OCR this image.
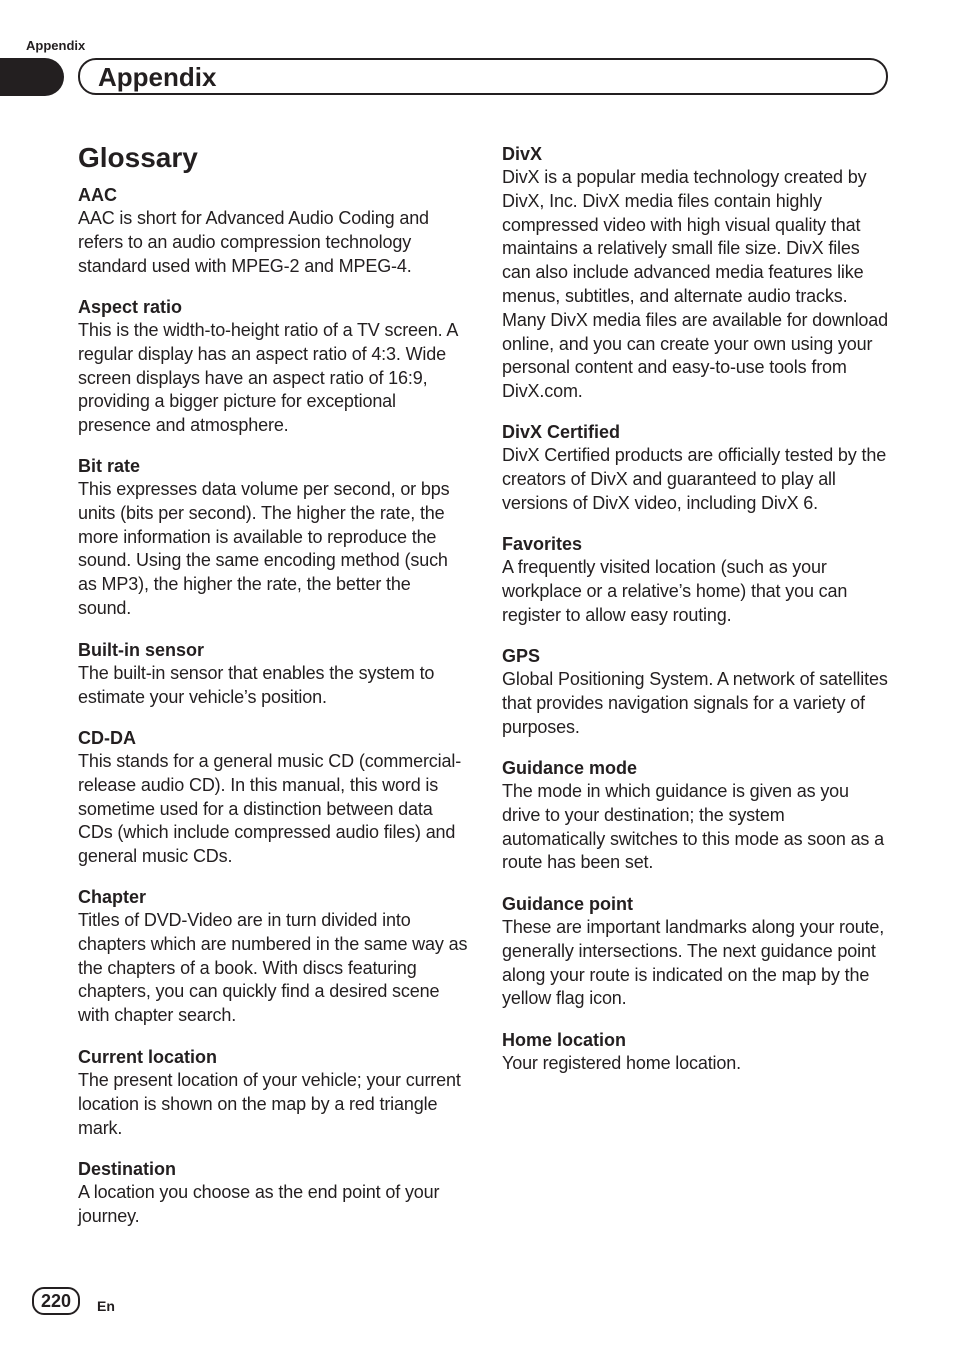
Appendix
Appendix
Glossary
AAC

AAC is short for Advanced Audio Coding and refers to an audio compression technology standard used with MPEG-2 and MPEG-4.

Aspect ratio

This is the width-to-height ratio of a TV screen. A regular display has an aspect ratio of 4:3. Wide screen displays have an aspect ratio of 16:9, providing a bigger picture for exceptional presence and atmosphere.

Bit rate

This expresses data volume per second, or bps units (bits per second). The higher the rate, the more information is available to reproduce the sound. Using the same encoding method (such as MP3), the higher the rate, the better the sound.

Built-in sensor

The built-in sensor that enables the system to estimate your vehicle’s position.

CD-DA

This stands for a general music CD (commercial-release audio CD). In this manual, this word is sometime used for a distinction between data CDs (which include compressed audio files) and general music CDs.

Chapter

Titles of DVD-Video are in turn divided into chapters which are numbered in the same way as the chapters of a book. With discs featuring chapters, you can quickly find a desired scene with chapter search.

Current location

The present location of your vehicle; your current location is shown on the map by a red triangle mark.

Destination

A location you choose as the end point of your journey.

DivX

DivX is a popular media technology created by DivX, Inc. DivX media files contain highly compressed video with high visual quality that maintains a relatively small file size. DivX files can also include advanced media features like menus, subtitles, and alternate audio tracks. Many DivX media files are available for download online, and you can create your own using your personal content and easy-to-use tools from DivX.com.

DivX Certified

DivX Certified products are officially tested by the creators of DivX and guaranteed to play all versions of DivX video, including DivX 6.

Favorites

A frequently visited location (such as your workplace or a relative’s home) that you can register to allow easy routing.

GPS

Global Positioning System. A network of satellites that provides navigation signals for a variety of purposes.

Guidance mode

The mode in which guidance is given as you drive to your destination; the system automatically switches to this mode as soon as a route has been set.

Guidance point

These are important landmarks along your route, generally intersections. The next guidance point along your route is indicated on the map by the yellow flag icon.

Home location

Your registered home location.

220	En
